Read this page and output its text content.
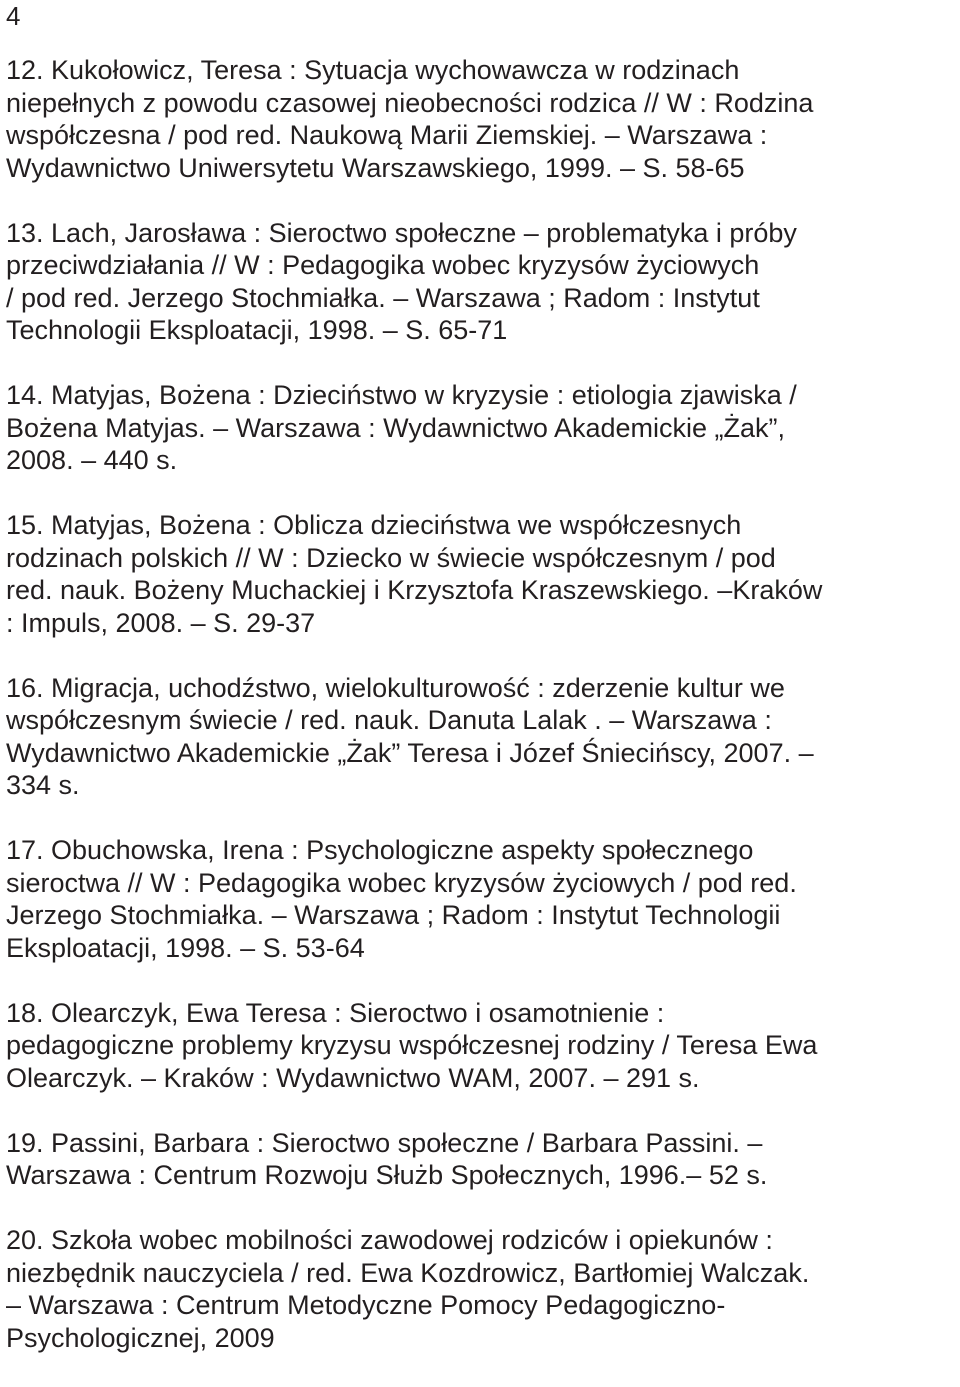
4
12. Kukołowicz, Teresa : Sytuacja wychowawcza w rodzinach
niepełnych z powodu czasowej nieobecności rodzica // W : Rodzina
współczesna / pod red. Naukową Marii Ziemskiej. – Warszawa :
Wydawnictwo Uniwersytetu Warszawskiego, 1999. – S. 58-65
13. Lach, Jarosława : Sieroctwo społeczne – problematyka i próby
przeciwdziałania // W : Pedagogika wobec kryzysów życiowych
/ pod red. Jerzego Stochmiałka. – Warszawa ; Radom : Instytut
Technologii Eksploatacji, 1998. – S. 65-71
14. Matyjas, Bożena : Dzieciństwo w kryzysie : etiologia zjawiska /
Bożena Matyjas. – Warszawa : Wydawnictwo Akademickie „Żak”,
2008. – 440 s.
15. Matyjas, Bożena : Oblicza dzieciństwa we współczesnych
rodzinach polskich // W : Dziecko w świecie współczesnym / pod
red. nauk. Bożeny Muchackiej i Krzysztofa Kraszewskiego. –Kraków
: Impuls, 2008. – S. 29-37
16. Migracja, uchodźstwo, wielokulturowość : zderzenie kultur we
współczesnym świecie / red. nauk. Danuta Lalak . – Warszawa :
Wydawnictwo Akademickie „Żak” Teresa i Józef Śniecińscy, 2007. –
334 s.
17. Obuchowska, Irena : Psychologiczne aspekty społecznego
sieroctwa // W : Pedagogika wobec kryzysów życiowych / pod red.
Jerzego Stochmiałka. – Warszawa ; Radom : Instytut Technologii
Eksploatacji, 1998. – S. 53-64
18. Olearczyk, Ewa Teresa : Sieroctwo i osamotnienie :
pedagogiczne problemy kryzysu współczesnej rodziny / Teresa Ewa
Olearczyk. – Kraków : Wydawnictwo WAM, 2007. – 291 s.
19. Passini, Barbara : Sieroctwo społeczne / Barbara Passini. –
Warszawa : Centrum Rozwoju Służb Społecznych, 1996.– 52 s.
20. Szkoła wobec mobilności zawodowej rodziców i opiekunów :
niezbędnik nauczyciela / red. Ewa Kozdrowicz, Bartłomiej Walczak.
– Warszawa : Centrum Metodyczne Pomocy Pedagogiczno-
Psychologicznej, 2009
